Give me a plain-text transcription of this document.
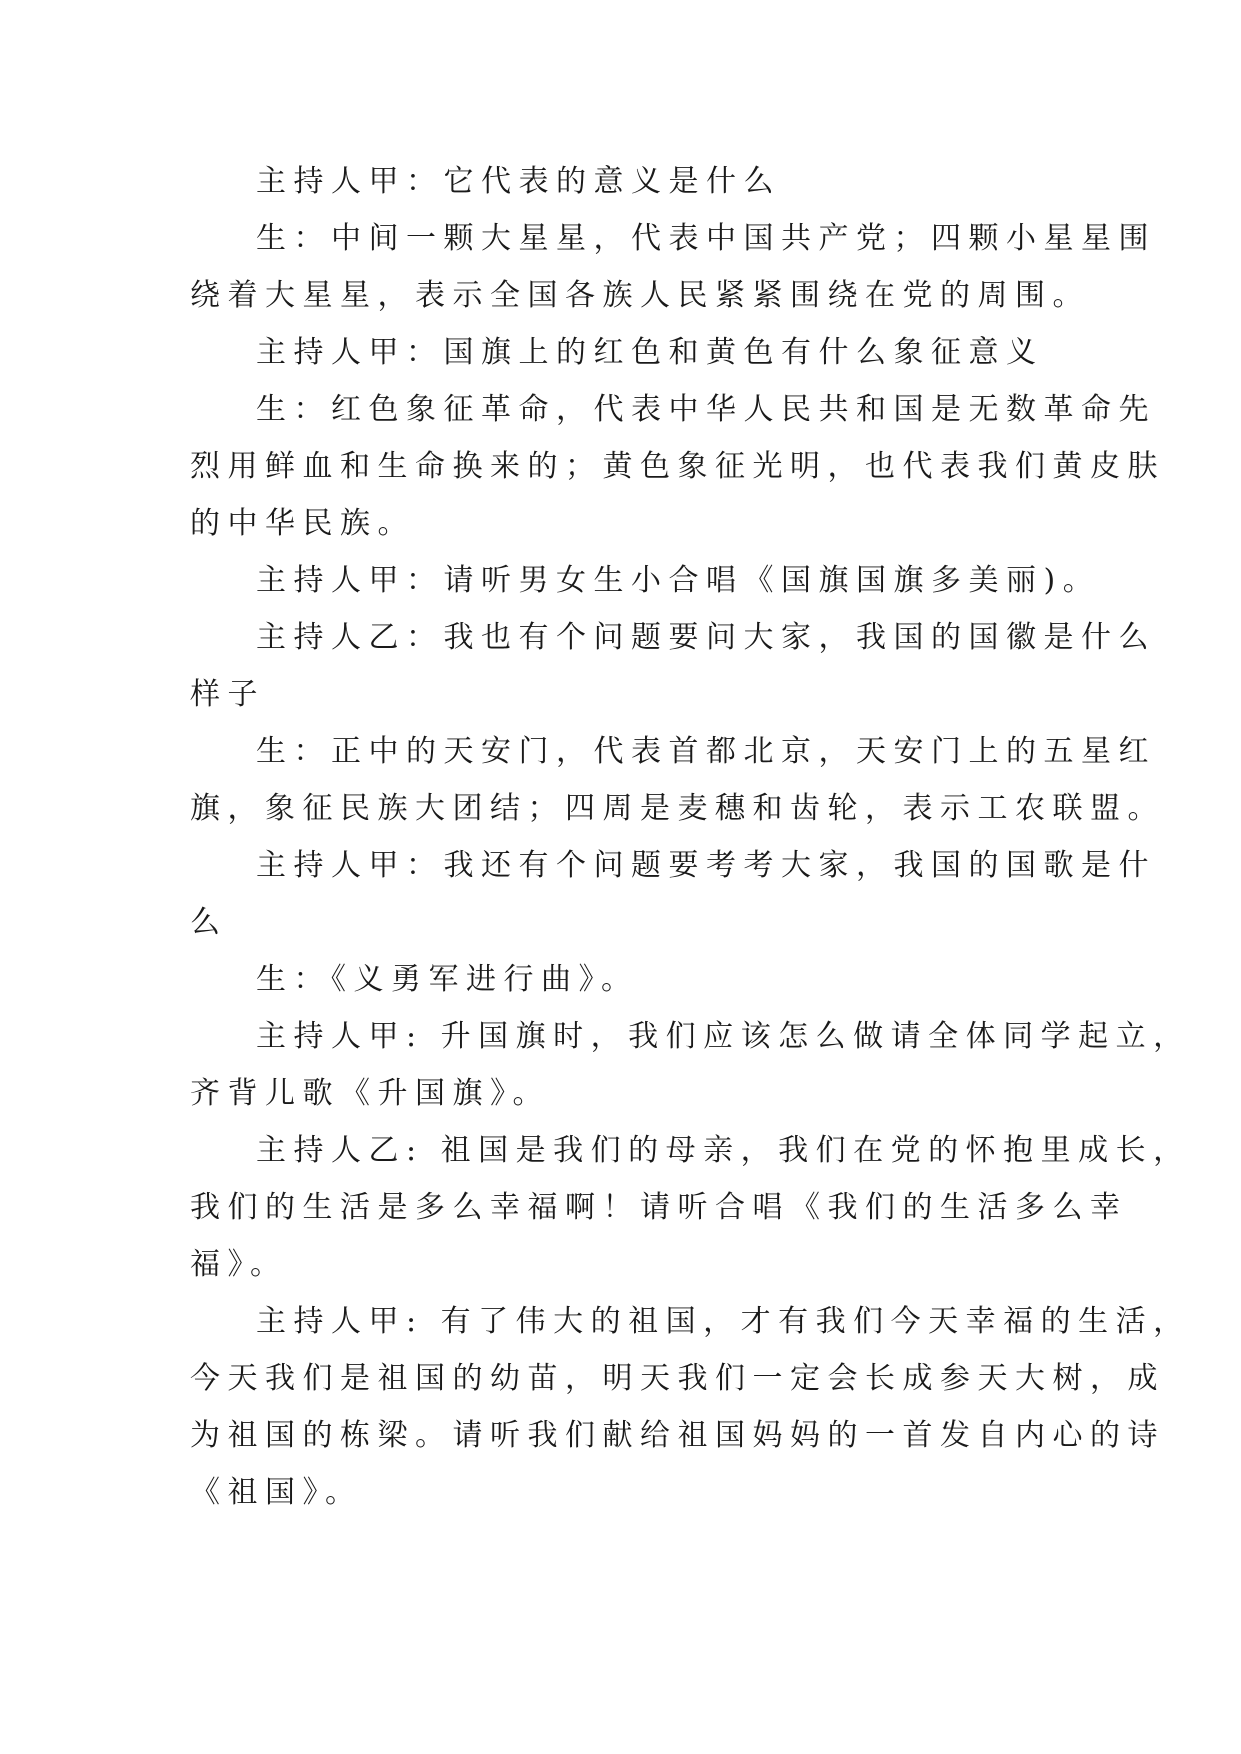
主持人甲：它代表的意义是什么
生：中间一颗大星星，代表中国共产党；四颗小星星围
绕着大星星，表示全国各族人民紧紧围绕在党的周围。
主持人甲：国旗上的红色和黄色有什么象征意义
生：红色象征革命，代表中华人民共和国是无数革命先
烈用鲜血和生命换来的；黄色象征光明，也代表我们黄皮肤
的中华民族。
主持人甲：请听男女生小合唱《国旗国旗多美丽)。
主持人乙：我也有个问题要问大家，我国的国徽是什么
样子
生：正中的天安门，代表首都北京，天安门上的五星红
旗，象征民族大团结；四周是麦穗和齿轮，表示工农联盟。
主持人甲：我还有个问题要考考大家，我国的国歌是什
么
生：《义勇军进行曲》。
主持人甲: 升国旗时，我们应该怎么做请全体同学起立，
齐背儿歌《升国旗》。
主持人乙: 祖国是我们的母亲，我们在党的怀抱里成长，
我们的生活是多么幸福啊！请听合唱《我们的生活多么幸
福》。
主持人甲: 有了伟大的祖国，才有我们今天幸福的生活，
今天我们是祖国的幼苗，明天我们一定会长成参天大树，成
为祖国的栋梁。请听我们献给祖国妈妈的一首发自内心的诗
《祖国》。
